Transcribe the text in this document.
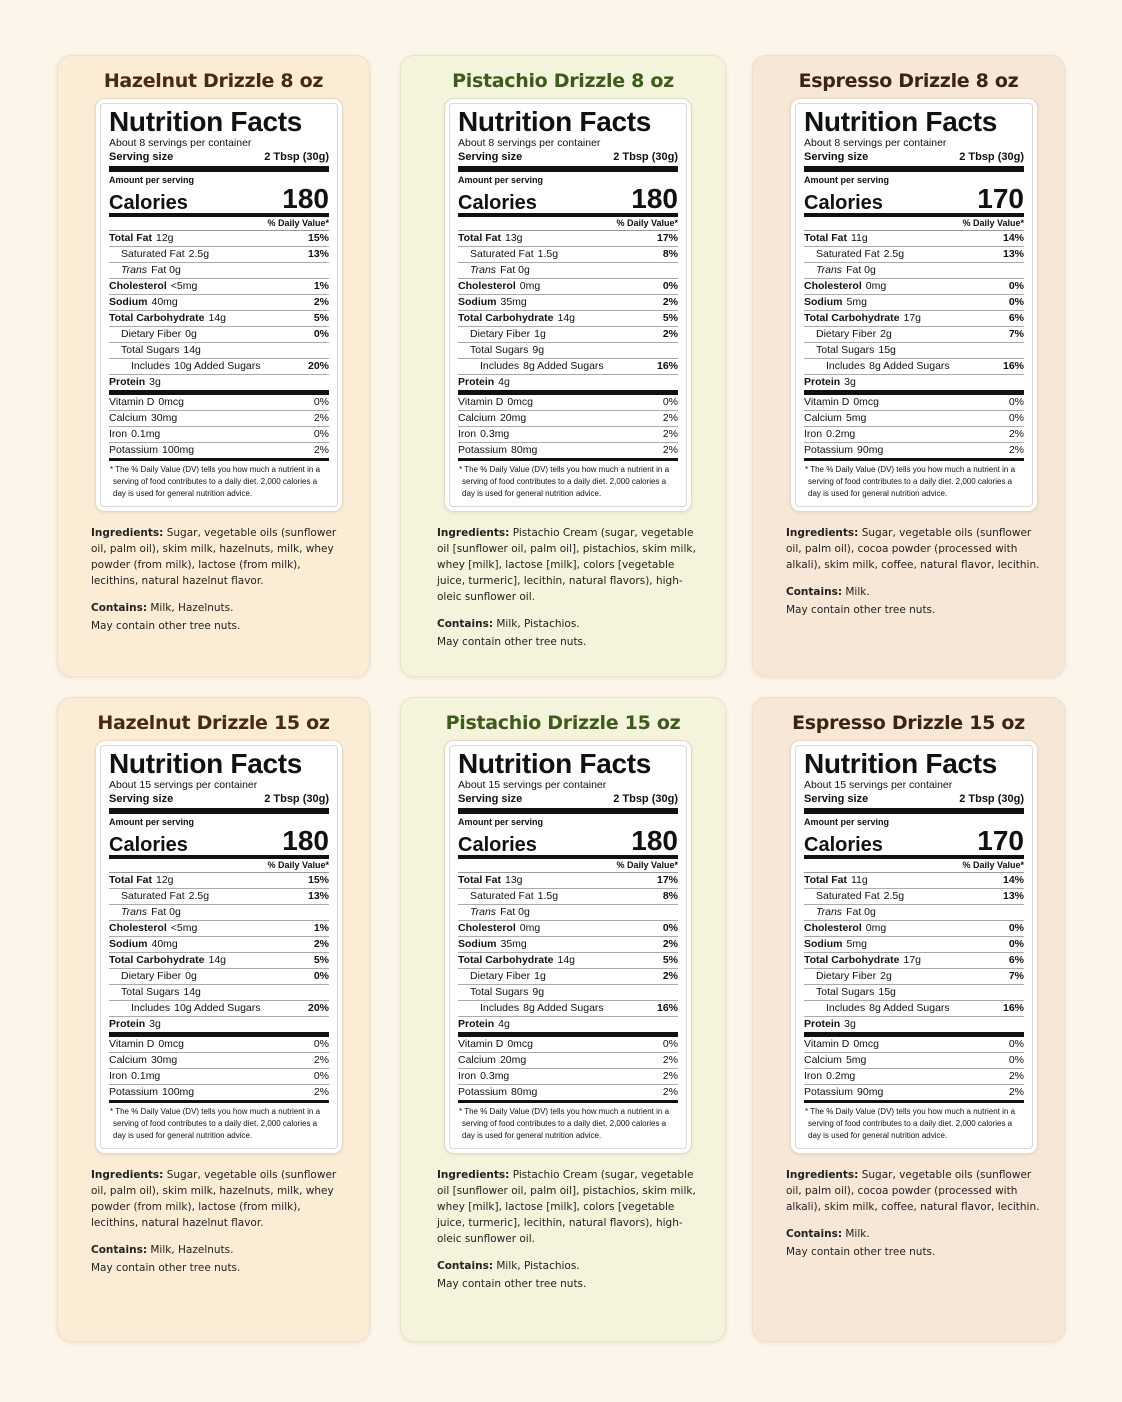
Hazelnut Drizzle 8 oz
Nutrition Facts
About 8 servings per container
Serving size	2 Tbsp (30g)
Amount per serving
Calories	180
% Daily Value*
Total Fat 12g	15%
Saturated Fat 2.5g	13%
Trans Fat 0g
Cholesterol <5mg	1%
Sodium 40mg	2%
Total Carbohydrate 14g	5%
Dietary Fiber 0g	0%
Total Sugars 14g
Includes 10g Added Sugars	20%
Protein 3g
Vitamin D 0mcg	0%
Calcium 30mg	2%
Iron 0.1mg	0%
Potassium 100mg	2%
* The % Daily Value (DV) tells you how much a nutrient in a serving of food contributes to a daily diet. 2,000 calories a day is used for general nutrition advice.

Ingredients: Sugar, vegetable oils (sunflower oil, palm oil), skim milk, hazelnuts, milk, whey powder (from milk), lactose (from milk), lecithins, natural hazelnut flavor.

Contains: Milk, Hazelnuts.

May contain other tree nuts.

Pistachio Drizzle 8 oz
Nutrition Facts
About 8 servings per container
Serving size	2 Tbsp (30g)
Amount per serving
Calories	180
% Daily Value*
Total Fat 13g	17%
Saturated Fat 1.5g	8%
Trans Fat 0g
Cholesterol 0mg	0%
Sodium 35mg	2%
Total Carbohydrate 14g	5%
Dietary Fiber 1g	2%
Total Sugars 9g
Includes 8g Added Sugars	16%
Protein 4g
Vitamin D 0mcg	0%
Calcium 20mg	2%
Iron 0.3mg	2%
Potassium 80mg	2%
* The % Daily Value (DV) tells you how much a nutrient in a serving of food contributes to a daily diet. 2,000 calories a day is used for general nutrition advice.

Ingredients: Pistachio Cream (sugar, vegetable oil [sunflower oil, palm oil], pistachios, skim milk, whey [milk], lactose [milk], colors [vegetable juice, turmeric], lecithin, natural flavors), high-oleic sunflower oil.

Contains: Milk, Pistachios.

May contain other tree nuts.

Espresso Drizzle 8 oz
Nutrition Facts
About 8 servings per container
Serving size	2 Tbsp (30g)
Amount per serving
Calories	170
% Daily Value*
Total Fat 11g	14%
Saturated Fat 2.5g	13%
Trans Fat 0g
Cholesterol 0mg	0%
Sodium 5mg	0%
Total Carbohydrate 17g	6%
Dietary Fiber 2g	7%
Total Sugars 15g
Includes 8g Added Sugars	16%
Protein 3g
Vitamin D 0mcg	0%
Calcium 5mg	0%
Iron 0.2mg	2%
Potassium 90mg	2%
* The % Daily Value (DV) tells you how much a nutrient in a serving of food contributes to a daily diet. 2,000 calories a day is used for general nutrition advice.

Ingredients: Sugar, vegetable oils (sunflower oil, palm oil), cocoa powder (processed with alkali), skim milk, coffee, natural flavor, lecithin.

Contains: Milk.

May contain other tree nuts.

Hazelnut Drizzle 15 oz
Nutrition Facts
About 15 servings per container
Serving size	2 Tbsp (30g)
Amount per serving
Calories	180
% Daily Value*
Total Fat 12g	15%
Saturated Fat 2.5g	13%
Trans Fat 0g
Cholesterol <5mg	1%
Sodium 40mg	2%
Total Carbohydrate 14g	5%
Dietary Fiber 0g	0%
Total Sugars 14g
Includes 10g Added Sugars	20%
Protein 3g
Vitamin D 0mcg	0%
Calcium 30mg	2%
Iron 0.1mg	0%
Potassium 100mg	2%
* The % Daily Value (DV) tells you how much a nutrient in a serving of food contributes to a daily diet. 2,000 calories a day is used for general nutrition advice.

Ingredients: Sugar, vegetable oils (sunflower oil, palm oil), skim milk, hazelnuts, milk, whey powder (from milk), lactose (from milk), lecithins, natural hazelnut flavor.

Contains: Milk, Hazelnuts.

May contain other tree nuts.

Pistachio Drizzle 15 oz
Nutrition Facts
About 15 servings per container
Serving size	2 Tbsp (30g)
Amount per serving
Calories	180
% Daily Value*
Total Fat 13g	17%
Saturated Fat 1.5g	8%
Trans Fat 0g
Cholesterol 0mg	0%
Sodium 35mg	2%
Total Carbohydrate 14g	5%
Dietary Fiber 1g	2%
Total Sugars 9g
Includes 8g Added Sugars	16%
Protein 4g
Vitamin D 0mcg	0%
Calcium 20mg	2%
Iron 0.3mg	2%
Potassium 80mg	2%
* The % Daily Value (DV) tells you how much a nutrient in a serving of food contributes to a daily diet. 2,000 calories a day is used for general nutrition advice.

Ingredients: Pistachio Cream (sugar, vegetable oil [sunflower oil, palm oil], pistachios, skim milk, whey [milk], lactose [milk], colors [vegetable juice, turmeric], lecithin, natural flavors), high-oleic sunflower oil.

Contains: Milk, Pistachios.

May contain other tree nuts.

Espresso Drizzle 15 oz
Nutrition Facts
About 15 servings per container
Serving size	2 Tbsp (30g)
Amount per serving
Calories	170
% Daily Value*
Total Fat 11g	14%
Saturated Fat 2.5g	13%
Trans Fat 0g
Cholesterol 0mg	0%
Sodium 5mg	0%
Total Carbohydrate 17g	6%
Dietary Fiber 2g	7%
Total Sugars 15g
Includes 8g Added Sugars	16%
Protein 3g
Vitamin D 0mcg	0%
Calcium 5mg	0%
Iron 0.2mg	2%
Potassium 90mg	2%
* The % Daily Value (DV) tells you how much a nutrient in a serving of food contributes to a daily diet. 2,000 calories a day is used for general nutrition advice.

Ingredients: Sugar, vegetable oils (sunflower oil, palm oil), cocoa powder (processed with alkali), skim milk, coffee, natural flavor, lecithin.

Contains: Milk.

May contain other tree nuts.
